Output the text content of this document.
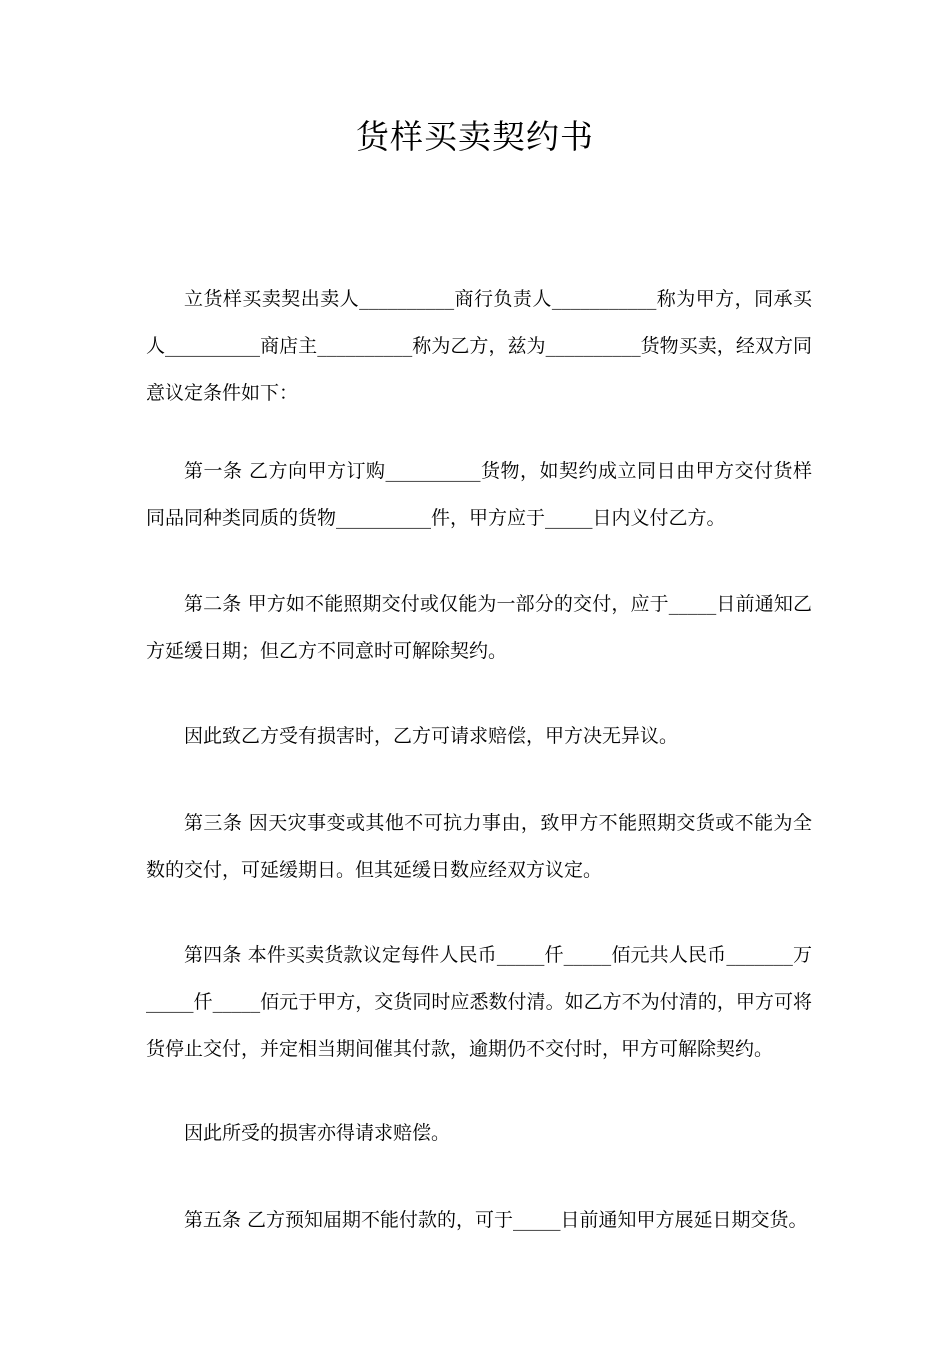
货样买卖契约书
立货样买卖契出卖人__________商行负责人___________称为甲方，同承买人__________商店主__________称为乙方，兹为__________货物买卖，经双方同意议定条件如下：
第一条 乙方向甲方订购__________货物，如契约成立同日由甲方交付货样同品同种类同质的货物__________件，甲方应于_____日内义付乙方。
第二条 甲方如不能照期交付或仅能为一部分的交付，应于_____日前通知乙方延缓日期；但乙方不同意时可解除契约。
因此致乙方受有损害时，乙方可请求赔偿，甲方决无异议。
第三条 因天灾事变或其他不可抗力事由，致甲方不能照期交货或不能为全数的交付，可延缓期日。但其延缓日数应经双方议定。
第四条 本件买卖货款议定每件人民币_____仟_____佰元共人民币_______万_____仟_____佰元于甲方，交货同时应悉数付清。如乙方不为付清的，甲方可将货停止交付，并定相当期间催其付款，逾期仍不交付时，甲方可解除契约。
因此所受的损害亦得请求赔偿。
第五条 乙方预知届期不能付款的，可于_____日前通知甲方展延日期交货。
